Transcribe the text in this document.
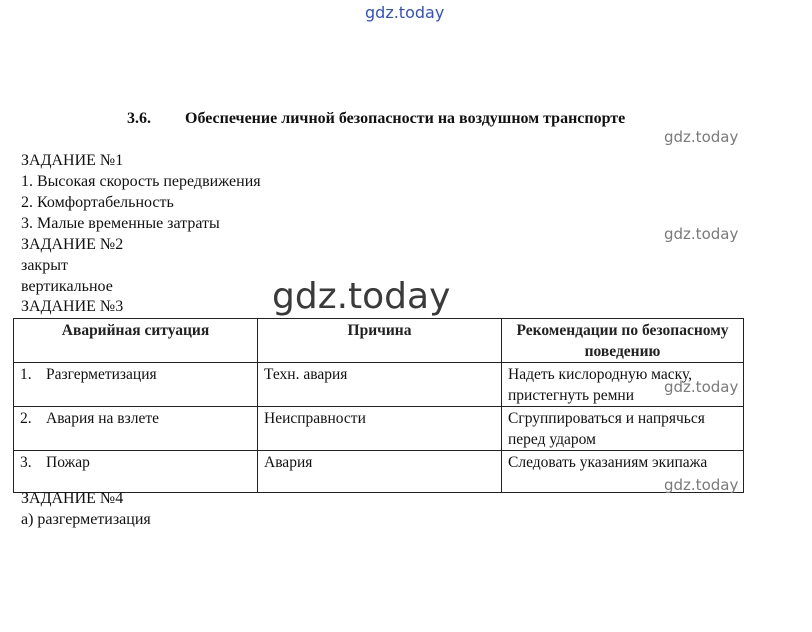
gdz.today
3.6. Обеспечение личной безопасности на воздушном транспорте
gdz.today
ЗАДАНИЕ №1
1. Высокая скорость передвижения
2. Комфортабельность
3. Малые временные затраты
gdz.today
ЗАДАНИЕ №2
закрыт
вертикальное
ЗАДАНИЕ №3
Аварийная ситуация	Причина	Рекомендации по безопасному поведению
1. Разгерметизация	Техн. авария	Надеть кислородную маску, пристегнуть ремни
2. Авария на взлете	Неисправности	Сгруппироваться и напрячься перед ударом
3. Пожар	Авария	Следовать указаниям экипажа
gdz.today
gdz.today
gdz.today
ЗАДАНИЕ №4
а) разгерметизация
